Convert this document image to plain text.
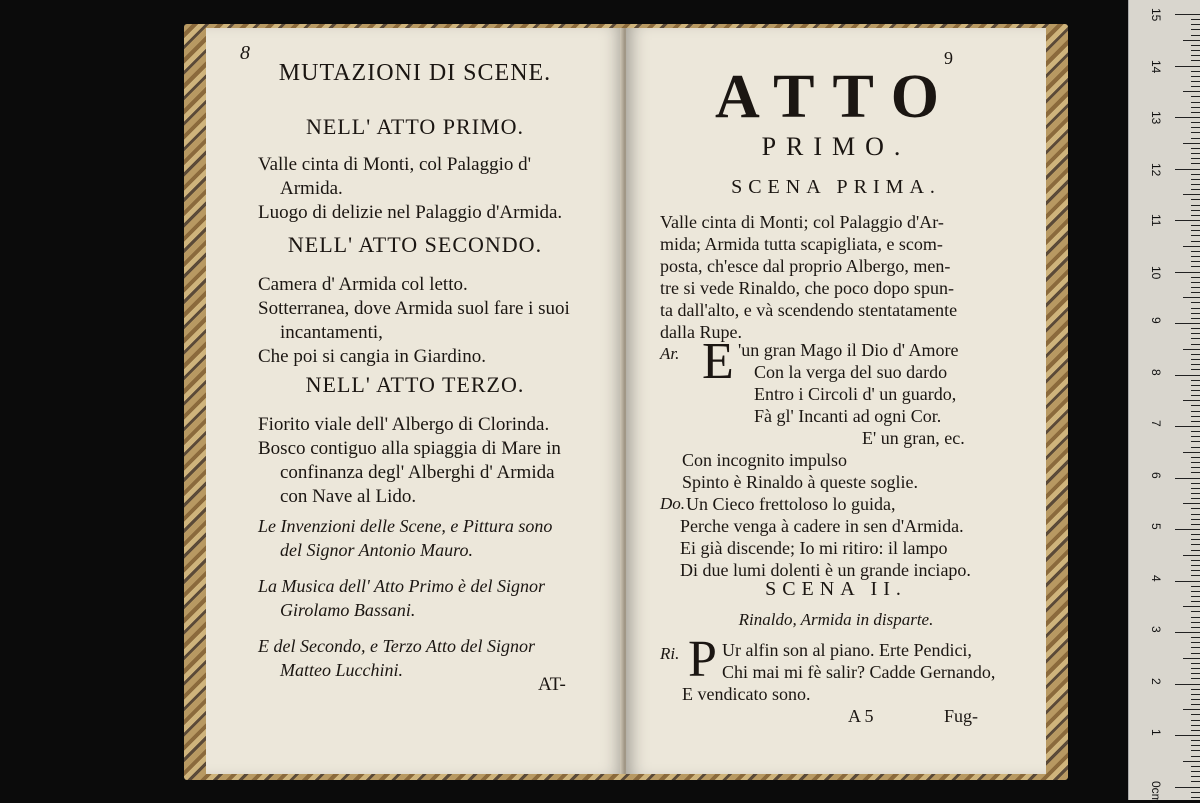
8
MUTAZIONI DI SCENE.
NELL' ATTO PRIMO.
Valle cinta di Monti, col Palaggio d'
Armida.
Luogo di delizie nel Palaggio d'Armida.
NELL' ATTO SECONDO.
Camera d' Armida col letto.
Sotterranea, dove Armida suol fare i suoi
incantamenti,
Che poi si cangia in Giardino.
NELL' ATTO TERZO.
Fiorito viale dell' Albergo di Clorinda.
Bosco contiguo alla spiaggia di Mare in
confinanza degl' Alberghi d' Armida
con Nave al Lido.
Le Invenzioni delle Scene, e Pittura sono
del Signor Antonio Mauro.
La Musica dell' Atto Primo è del Signor
Girolamo Bassani.
E del Secondo, e Terzo Atto del Signor
Matteo Lucchini.
AT-
9
ATTO
PRIMO.
SCENA PRIMA.
Valle cinta di Monti; col Palaggio d'Ar-
mida; Armida tutta scapigliata, e scom-
posta, ch'esce dal proprio Albergo, men-
tre si vede Rinaldo, che poco dopo spun-
ta dall'alto, e và scendendo stentatamente
dalla Rupe.
Ar. E 'un gran Mago il Dio d' Amore
Con la verga del suo dardo
Entro i Circoli d' un guardo,
Fà gl' Incanti ad ogni Cor.
E' un gran, ec.
Con incognito impulso
Spinto è Rinaldo à queste soglie.
Do. Un Cieco frettoloso lo guida,
Perche venga à cadere in sen d'Armida.
Ei già discende; Io mi ritiro: il lampo
Di due lumi dolenti è un grande inciapo.
SCENA II.
Rinaldo, Armida in disparte.
Ri. P Ur alfin son al piano. Erte Pendici,
Chi mai mi fè salir? Cadde Gernando,
E vendicato sono.
A 5	Fug-
15
14
13
12
11
10
9
8
7
6
5
4
3
2
1
0cm
